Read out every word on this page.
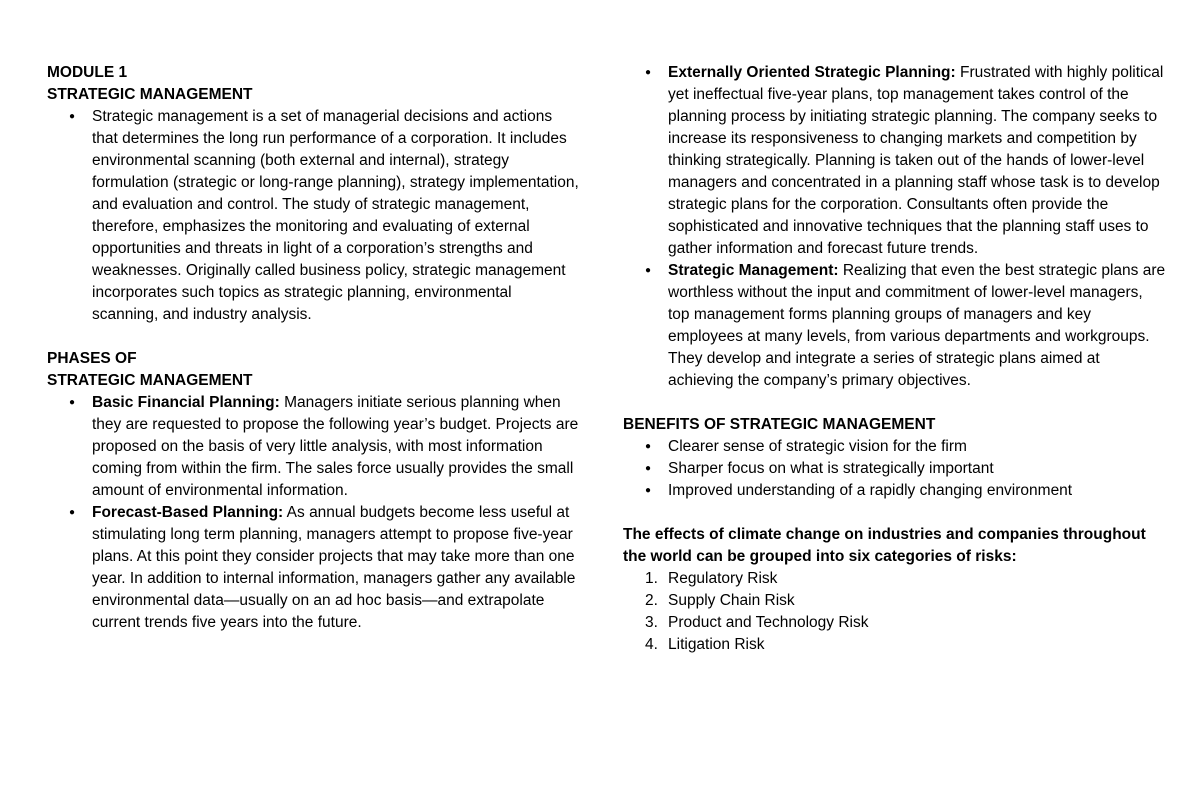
MODULE 1

STRATEGIC MANAGEMENT

● Strategic management is a set of managerial decisions and actions that determines the long run performance of a corporation. It includes environmental scanning (both external and internal), strategy formulation (strategic or long-range planning), strategy implementation, and evaluation and control. The study of strategic management, therefore, emphasizes the monitoring and evaluating of external opportunities and threats in light of a corporation’s strengths and weaknesses. Originally called business policy, strategic management incorporates such topics as strategic planning, environmental scanning, and industry analysis.

PHASES OF

STRATEGIC MANAGEMENT

● Basic Financial Planning: Managers initiate serious planning when they are requested to propose the following year’s budget. Projects are proposed on the basis of very little analysis, with most information coming from within the firm. The sales force usually provides the small amount of environmental information.
● Forecast-Based Planning: As annual budgets become less useful at stimulating long term planning, managers attempt to propose five-year plans. At this point they consider projects that may take more than one year. In addition to internal information, managers gather any available environmental data—usually on an ad hoc basis—and extrapolate current trends five years into the future.
● Externally Oriented Strategic Planning: Frustrated with highly political yet ineffectual five-year plans, top management takes control of the planning process by initiating strategic planning. The company seeks to increase its responsiveness to changing markets and competition by thinking strategically. Planning is taken out of the hands of lower-level managers and concentrated in a planning staff whose task is to develop strategic plans for the corporation. Consultants often provide the sophisticated and innovative techniques that the planning staff uses to gather information and forecast future trends.
● Strategic Management: Realizing that even the best strategic plans are worthless without the input and commitment of lower-level managers, top management forms planning groups of managers and key employees at many levels, from various departments and workgroups. They develop and integrate a series of strategic plans aimed at achieving the company’s primary objectives.

BENEFITS OF STRATEGIC MANAGEMENT

● Clearer sense of strategic vision for the firm
● Sharper focus on what is strategically important
● Improved understanding of a rapidly changing environment

The effects of climate change on industries and companies throughout the world can be grouped into six categories of risks:

1. Regulatory Risk
2. Supply Chain Risk
3. Product and Technology Risk
4. Litigation Risk
